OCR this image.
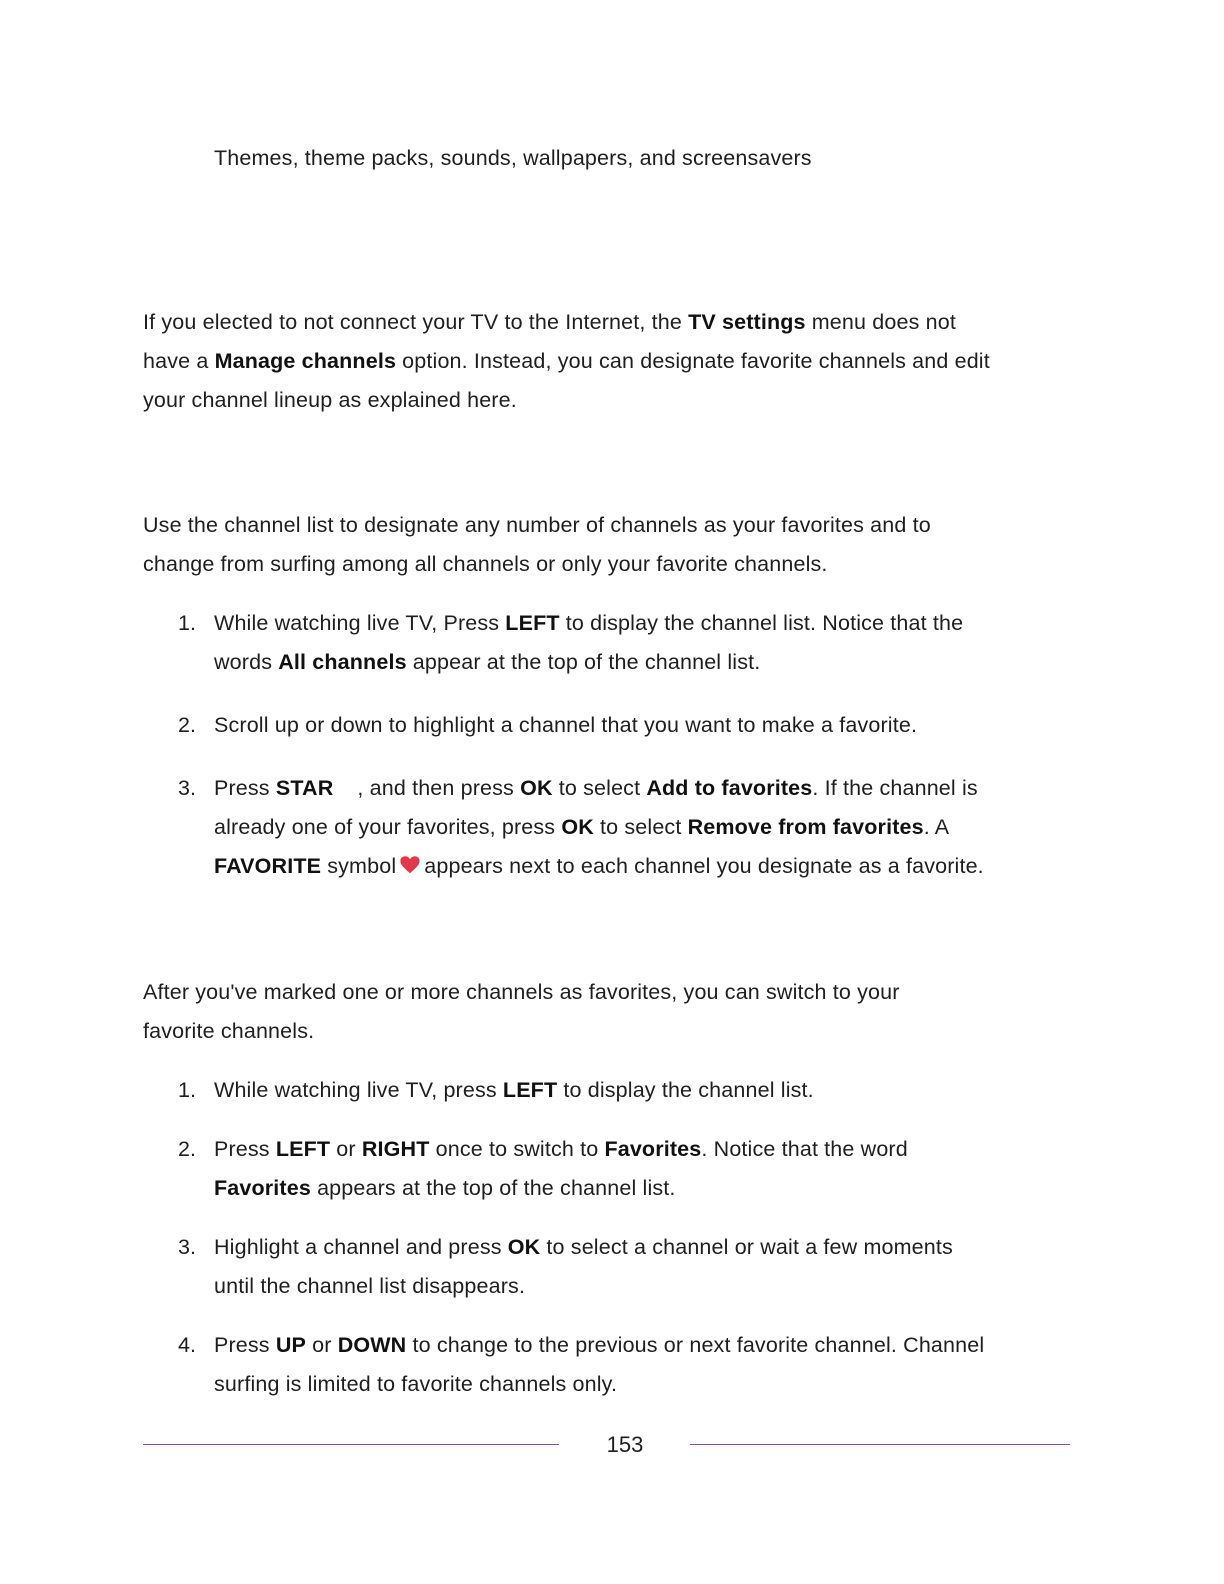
Themes, theme packs, sounds, wallpapers, and screensavers
If you elected to not connect your TV to the Internet, the TV settings menu does not
have a Manage channels option. Instead, you can designate favorite channels and edit
your channel lineup as explained here.
Use the channel list to designate any number of channels as your favorites and to
change from surfing among all channels or only your favorite channels.
1. While watching live TV, Press LEFT to display the channel list. Notice that the
words All channels appear at the top of the channel list.
2. Scroll up or down to highlight a channel that you want to make a favorite.
3. Press STAR , and then press OK to select Add to favorites. If the channel is
already one of your favorites, press OK to select Remove from favorites. A
FAVORITE symbol appears next to each channel you designate as a favorite.
After you've marked one or more channels as favorites, you can switch to your
favorite channels.
1. While watching live TV, press LEFT to display the channel list.
2. Press LEFT or RIGHT once to switch to Favorites. Notice that the word
Favorites appears at the top of the channel list.
3. Highlight a channel and press OK to select a channel or wait a few moments
until the channel list disappears.
4. Press UP or DOWN to change to the previous or next favorite channel. Channel
surfing is limited to favorite channels only.
153
